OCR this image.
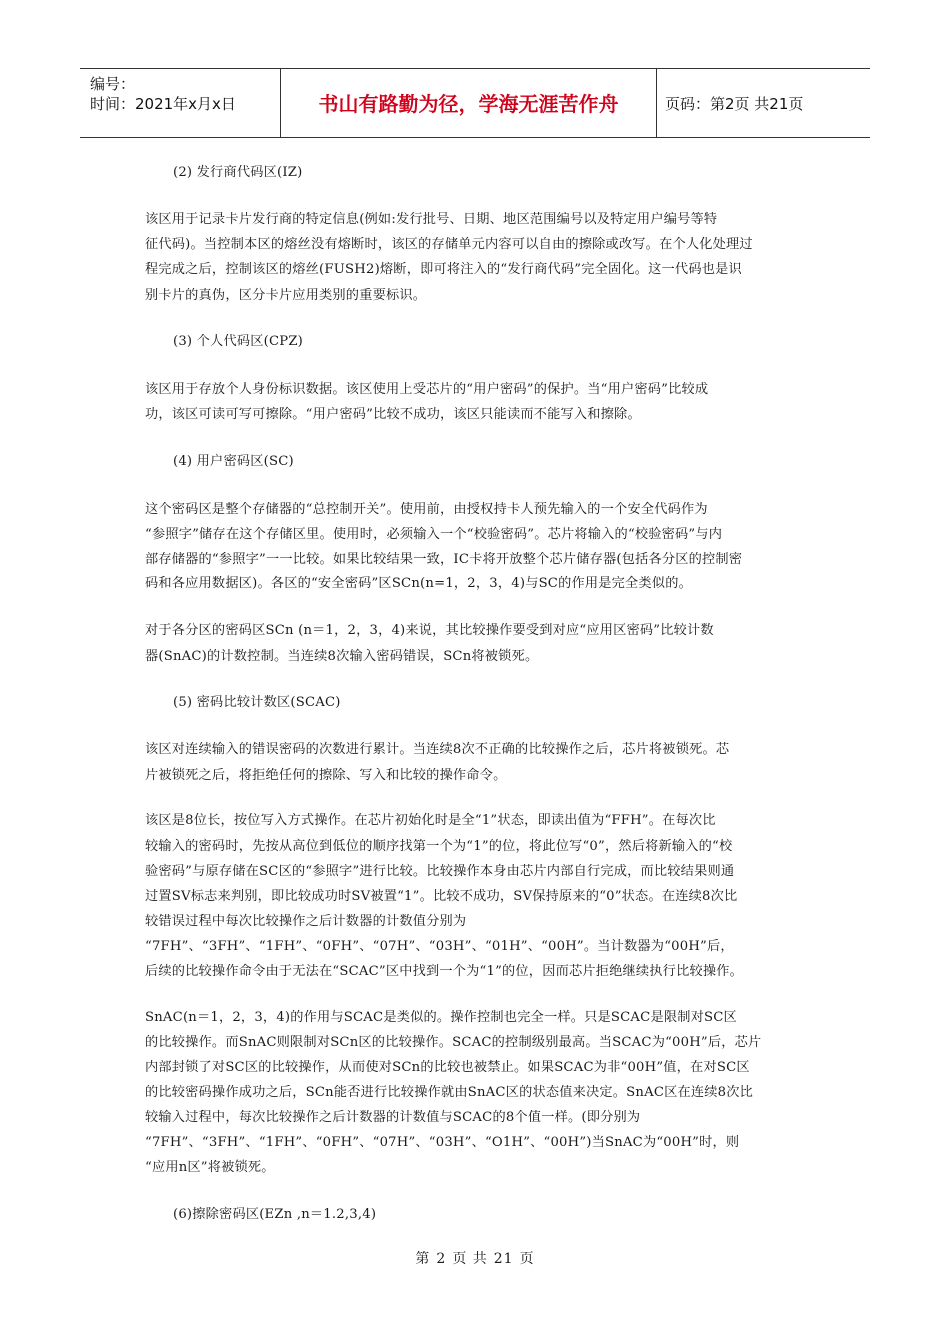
编号：
时间：2021年x月x日	书山有路勤为径，学海无涯苦作舟	页码：第2页 共21页
(2) 发行商代码区(IZ)
该区用于记录卡片发行商的特定信息(例如:发行批号、日期、地区范围编号以及特定用户编号等特
征代码)。当控制本区的熔丝没有熔断时，该区的存储单元内容可以自由的擦除或改写。在个人化处理过
程完成之后，控制该区的熔丝(FUSH2)熔断，即可将注入的“发行商代码”完全固化。这一代码也是识
别卡片的真伪，区分卡片应用类别的重要标识。
(3) 个人代码区(CPZ)
该区用于存放个人身份标识数据。该区使用上受芯片的“用户密码”的保护。当“用户密码”比较成
功，该区可读可写可擦除。“用户密码”比较不成功，该区只能读而不能写入和擦除。
(4) 用户密码区(SC)
这个密码区是整个存储器的“总控制开关”。使用前，由授权持卡人预先输入的一个安全代码作为
“参照字”储存在这个存储区里。使用时，必须输入一个“校验密码”。芯片将输入的“校验密码”与内
部存储器的“参照字”一一比较。如果比较结果一致，IC卡将开放整个芯片储存器(包括各分区的控制密
码和各应用数据区)。各区的“安全密码”区SCn(n=1，2，3，4)与SC的作用是完全类似的。
对于各分区的密码区SCn (n＝1，2，3，4)来说，其比较操作要受到对应“应用区密码”比较计数
器(SnAC)的计数控制。当连续8次输入密码错误，SCn将被锁死。
(5) 密码比较计数区(SCAC)
该区对连续输入的错误密码的次数进行累计。当连续8次不正确的比较操作之后，芯片将被锁死。芯
片被锁死之后，将拒绝任何的擦除、写入和比较的操作命令。
该区是8位长，按位写入方式操作。在芯片初始化时是全“1”状态，即读出值为“FFH”。在每次比
较输入的密码时，先按从高位到低位的顺序找第一个为“1”的位，将此位写“0”，然后将新输入的“校
验密码”与原存储在SC区的“参照字”进行比较。比较操作本身由芯片内部自行完成，而比较结果则通
过置SV标志来判别，即比较成功时SV被置“1”。比较不成功，SV保持原来的“0”状态。在连续8次比
较错误过程中每次比较操作之后计数器的计数值分别为
“7FH”、“3FH”、“1FH”、“0FH”、“07H”、“03H”、“01H”、“00H”。当计数器为“00H”后，
后续的比较操作命令由于无法在“SCAC”区中找到一个为“1”的位，因而芯片拒绝继续执行比较操作。
SnAC(n＝1，2，3，4)的作用与SCAC是类似的。操作控制也完全一样。只是SCAC是限制对SC区
的比较操作。而SnAC则限制对SCn区的比较操作。SCAC的控制级别最高。当SCAC为“00H”后，芯片
内部封锁了对SC区的比较操作，从而使对SCn的比较也被禁止。如果SCAC为非“00H”值，在对SC区
的比较密码操作成功之后，SCn能否进行比较操作就由SnAC区的状态值来决定。SnAC区在连续8次比
较输入过程中，每次比较操作之后计数器的计数值与SCAC的8个值一样。(即分别为
“7FH”、“3FH”、“1FH”、“0FH”、“07H”、“03H”、“O1H”、“00H”)当SnAC为“00H”时，则
“应用n区”将被锁死。
(6)擦除密码区(EZn ,n＝1.2,3,4)
第 2 页 共 21 页
